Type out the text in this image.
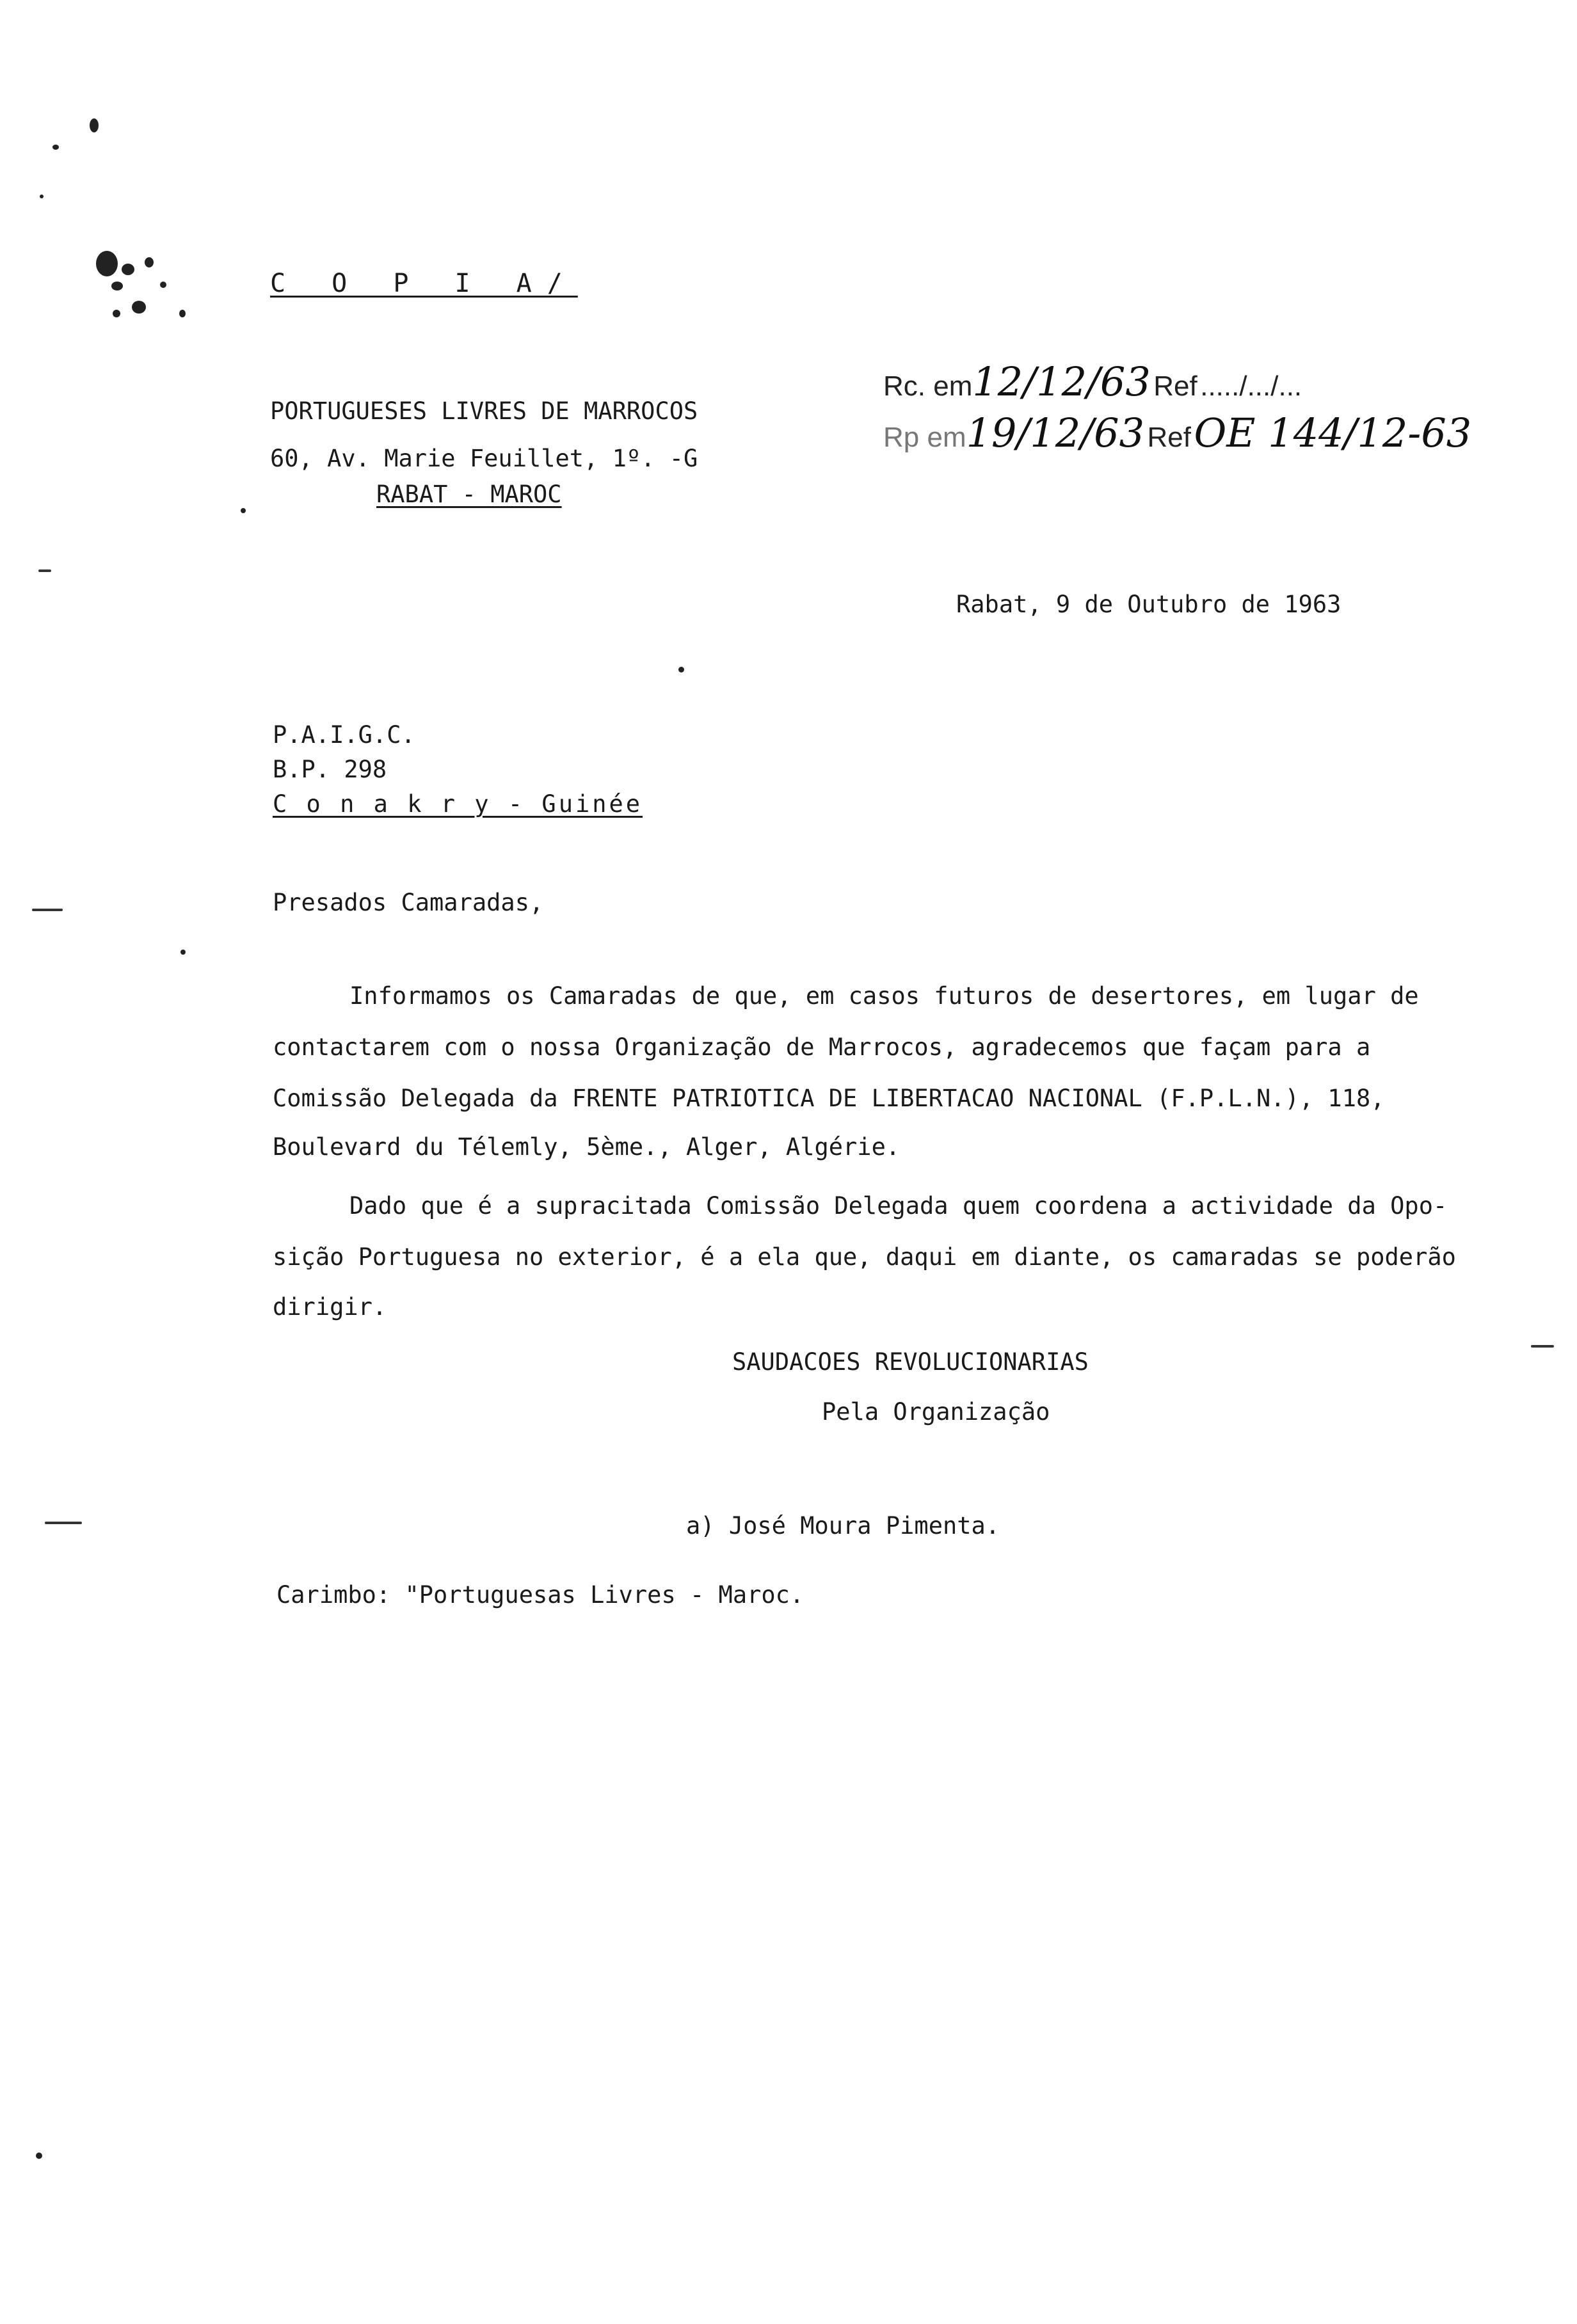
C O P I A/
PORTUGUESES LIVRES DE MARROCOS
60, Av. Marie Feuillet, 1º. -G
RABAT - MAROC
Rc. em12/12/63 Ref ...../.../...
Rp em19/12/63 Ref OE 144/12-63
Rabat, 9 de Outubro de 1963
P.A.I.G.C.
B.P. 298
C o n a k r y - Guinée
Presados Camaradas,
Informamos os Camaradas de que, em casos futuros de desertores, em lugar de
contactarem com o nossa Organização de Marrocos, agradecemos que façam para a
Comissão Delegada da FRENTE PATRIOTICA DE LIBERTACAO NACIONAL (F.P.L.N.), 118,
Boulevard du Télemly, 5ème., Alger, Algérie.
Dado que é a supracitada Comissão Delegada quem coordena a actividade da Opo-
sição Portuguesa no exterior, é a ela que, daqui em diante, os camaradas se poderão
dirigir.
SAUDACOES REVOLUCIONARIAS
Pela Organização
a) José Moura Pimenta.
Carimbo: "Portuguesas Livres - Maroc.
